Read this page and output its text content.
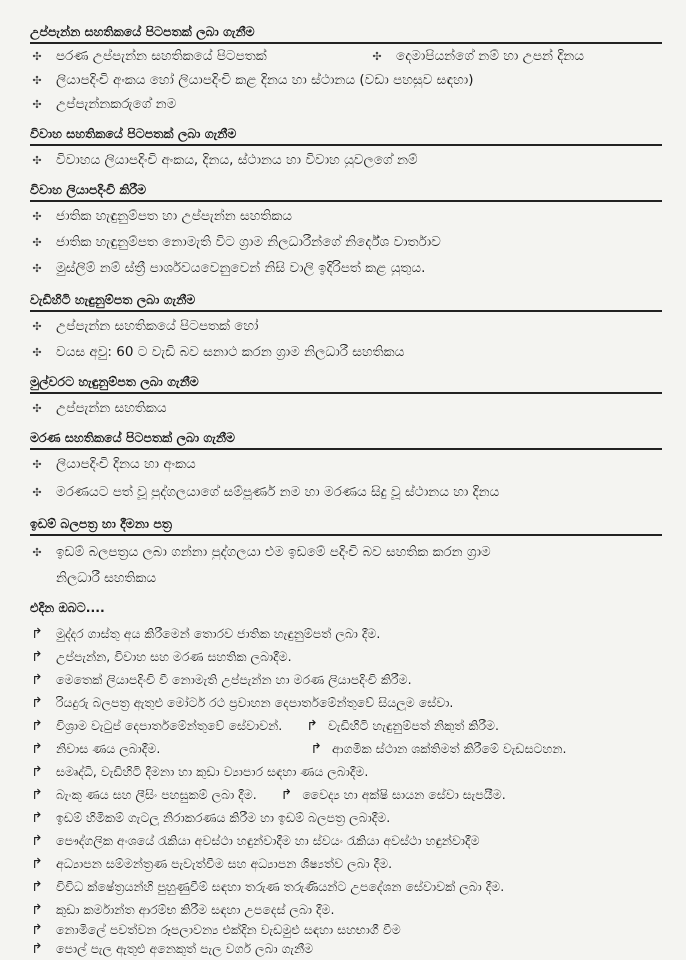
උප්පැන්න සහතිකයේ පිටපතක් ලබා ගැනීම
✣ පරණ උප්පැන්න සහතිකයේ පිටපතක්	✣ දෙමාපියන්ගේ නම් හා උපන් දිනය
✣ ලියාපදිංචි අංකය හෝ ලියාපදිංචි කළ දිනය හා ස්ථානය (වඩා පහසුව සඳහා)
✣ උප්පැන්නකරුගේ නම
විවාහ සහතිකයේ පිටපතක් ලබා ගැනීම
✣ විවාහය ලියාපදිංචි අංකය, දිනය, ස්ථානය හා විවාහ යුවලගේ නම්
විවාහ ලියාපදිංචි කිරීම
✣ ජාතික හැඳුනුම්පත හා උප්පැන්න සහතිකය
✣ ජාතික හැඳුනුම්පත නොමැති විට ග්‍රාම නිලධාරීන්ගේ නිර්දේශ වාර්තාව
✣ මුස්ලිම් නම් ස්ත්‍රී පාර්ශවයවෙනුවෙන් නිසි වාලි ඉදිරිපත් කළ යුතුය.
වැඩිහිටි හැඳුනුම්පත ලබා ගැනීම
✣ උප්පැන්න සහතිකයේ පිටපතක් හෝ
✣ වයස අවු: 60 ට වැඩි බව සනාථ කරන ග්‍රාම නිලධාරී සහතිකය
මුල්වරට හැඳුනුම්පත ලබා ගැනීම
✣ උප්පැන්න සහතිකය
මරණ සහතිකයේ පිටපතක් ලබා ගැනීම
✣ ලියාපදිංචි දිනය හා අංකය
✣ මරණයට පත් වූ පුද්ගලයාගේ සම්පූර්ණ නම හා මරණය සිදු වූ ස්ථානය හා දිනය
ඉඩම් බලපත්‍ර හා දීමනා පත්‍ර
✣ ඉඩම් බලපත්‍රය ලබා ගන්නා පුද්ගලයා එම ඉඩමේ පදිංචි බව සහතික කරන ග්‍රාම
නිලධාරී සහතිකය
එදින ඔබට....
↱ මුද්දර ගාස්තු අය කිරීමෙන් තොරව ජාතික හැඳුනුම්පත් ලබා දීම.
↱ උප්පැන්න, විවාහ සහ මරණ සහතික ලබාදීම.
↱ මෙතෙක් ලියාපදිංචි වී නොමැති උප්පැන්න හා මරණ ලියාපදිංචි කිරීම.
↱ රියදුරු බලපත්‍ර ඇතුළු මෝටර් රථ ප්‍රවාහන දෙපාර්තමේන්තුවේ සියලුම සේවා.
↱ විශ්‍රාම වැටුප් දෙපාර්තමේන්තුවේ සේවාවන්. ↱ වැඩිහිටි හැඳුනුම්පත් නිකුත් කිරීම.
↱ නිවාස ණය ලබාදීම.	↱ ආගමික ස්ථාන ශක්තිමත් කිරීමේ වැඩසටහන.
↱ සමෘද්ධි, වැඩිහිටි දීමනා හා කුඩා ව්‍යාපාර සඳහා ණය ලබාදීම.
↱ බැංකු ණය සහ ලීසිං පහසුකම් ලබා දීම. ↱ වෛද්‍ය හා අක්ෂි සායන සේවා සැපයීම.
↱ ඉඩම් හිමිකම් ගැටලු නිරාකරණය කිරීම හා ඉඩම් බලපත්‍ර ලබාදීම.
↱ පෞද්ගලික අංශයේ රැකියා අවස්ථා හඳුන්වාදීම හා ස්වයං රැකියා අවස්ථා හඳුන්වාදීම
↱ අධ්‍යාපන සම්මන්ත්‍රණ පැවැත්වීම සහ අධ්‍යාපන ශිෂ්‍යත්ව ලබා දීම.
↱ විවිධ ක්ෂේත්‍රයන්හි පුහුණුවීම් සඳහා තරුණ තරුණියන්ට උපදේශන සේවාවක් ලබා දීම.
↱ කුඩා කර්මාන්ත ආරම්භ කිරීම සඳහා උපදෙස් ලබා දීම.
↱ නොමිලේ පවත්වන රූපලාවන්‍ය එක්දින වැඩමුළු සඳහා සහභාගී වීම
↱ පොල් පැල ඇතුළු අනෙකුත් පැල වර්ග ලබා ගැනීම
